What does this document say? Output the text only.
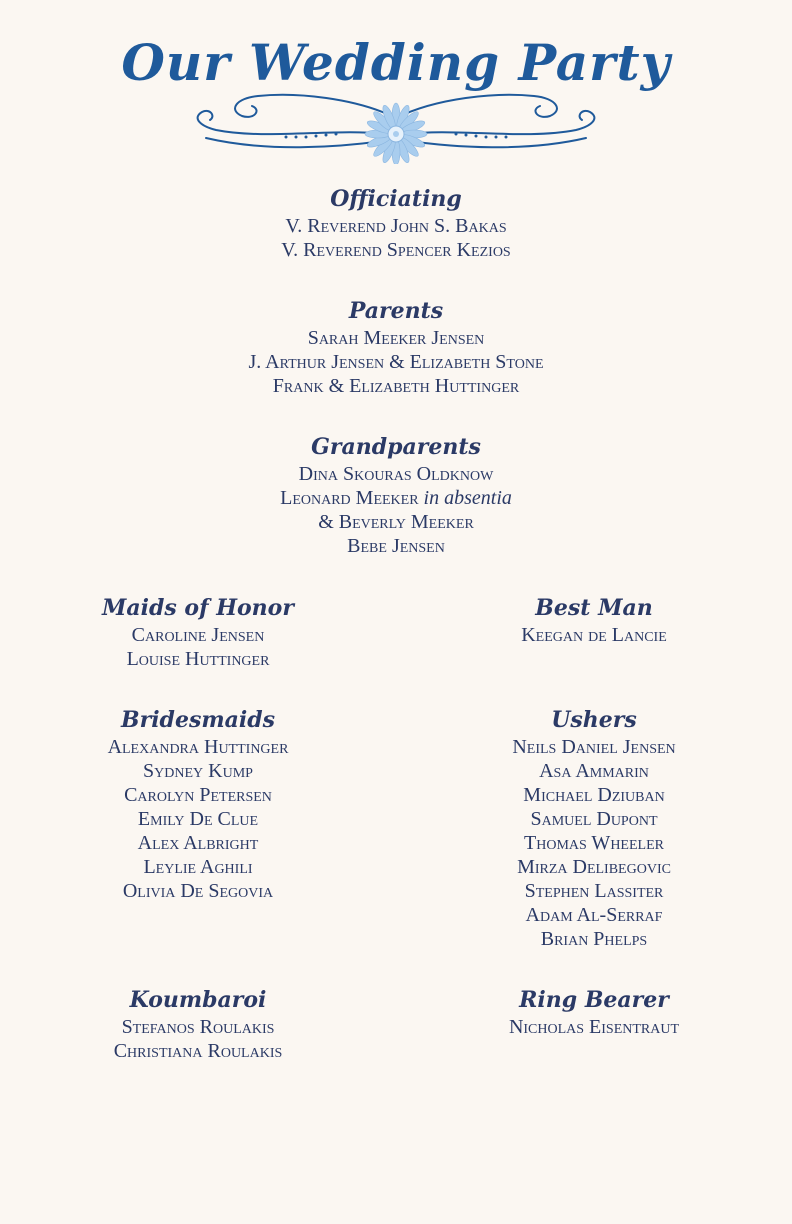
Our Wedding Party
Officiating
V. Reverend John S. Bakas
V. Reverend Spencer Kezios
Parents
Sarah Meeker Jensen
J. Arthur Jensen & Elizabeth Stone
Frank & Elizabeth Huttinger
Grandparents
Dina Skouras Oldknow
Leonard Meeker in absentia
& Beverly Meeker
Bebe Jensen
Maids of Honor
Caroline Jensen
Louise Huttinger
Best Man
Keegan de Lancie
Bridesmaids
Alexandra Huttinger
Sydney Kump
Carolyn Petersen
Emily De Clue
Alex Albright
Leylie Aghili
Olivia De Segovia
Ushers
Neils Daniel Jensen
Asa Ammarin
Michael Dziuban
Samuel Dupont
Thomas Wheeler
Mirza Delibegovic
Stephen Lassiter
Adam Al-Serraf
Brian Phelps
Koumbaroi
Stefanos Roulakis
Christiana Roulakis
Ring Bearer
Nicholas Eisentraut
